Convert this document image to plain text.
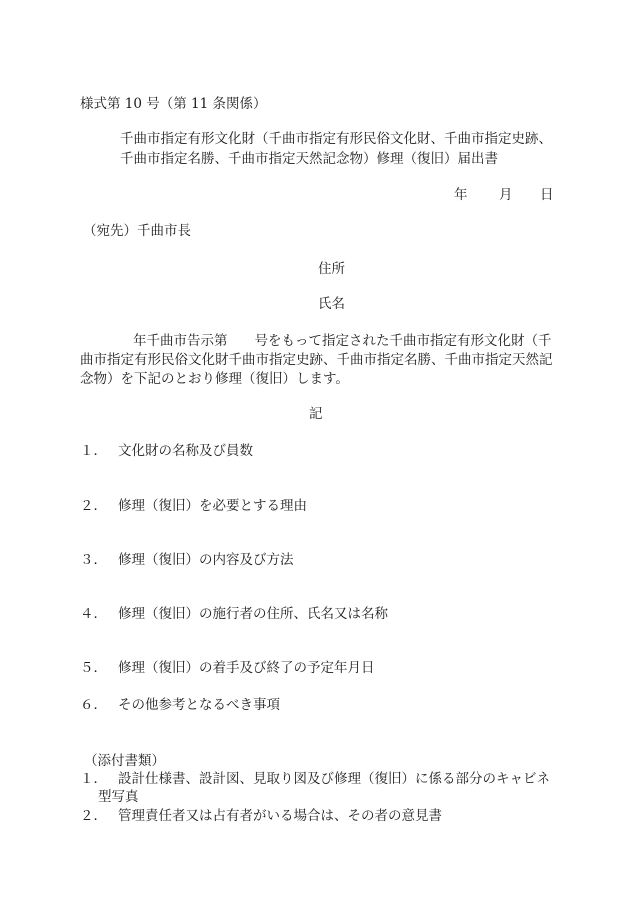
様式第 10 号（第 11 条関係）
千曲市指定有形文化財（千曲市指定有形民俗文化財、千曲市指定史跡、
千曲市指定名勝、千曲市指定天然記念物）修理（復旧）届出書
年 月 日
（宛先）千曲市長
住所
氏名
年千曲市告示第　　号をもって指定された千曲市指定有形文化財（千
曲市指定有形民俗文化財千曲市指定史跡、千曲市指定名勝、千曲市指定天然記
念物）を下記のとおり修理（復旧）します。
記
１． 文化財の名称及び員数
２． 修理（復旧）を必要とする理由
３． 修理（復旧）の内容及び方法
４． 修理（復旧）の施行者の住所、氏名又は名称
５． 修理（復旧）の着手及び終了の予定年月日
６． その他参考となるべき事項
（添付書類）
１． 設計仕様書、設計図、見取り図及び修理（復旧）に係る部分のキャビネ
型写真
２． 管理責任者又は占有者がいる場合は、その者の意見書
